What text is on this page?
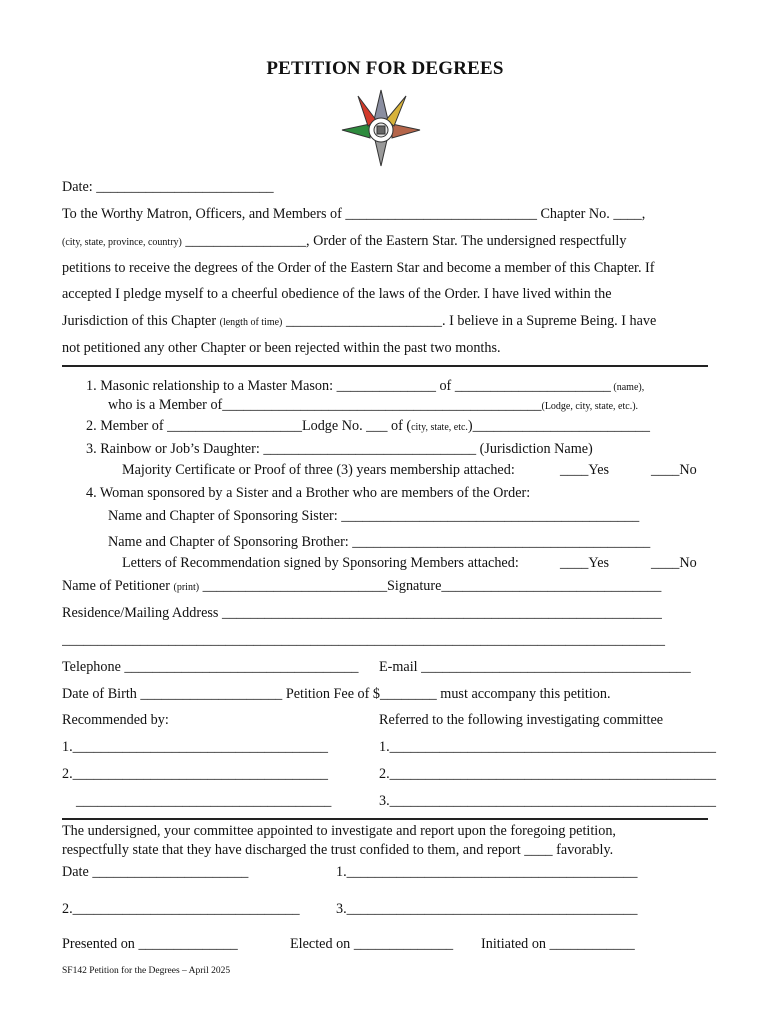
PETITION FOR DEGREES
Date: _________________________
To the Worthy Matron, Officers, and Members of ___________________________ Chapter No. ____,
(city, state, province, country) _________________, Order of the Eastern Star. The undersigned respectfully
petitions to receive the degrees of the Order of the Eastern Star and become a member of this Chapter. If
accepted I pledge myself to a cheerful obedience of the laws of the Order. I have lived within the
Jurisdiction of this Chapter (length of time) ______________________. I believe in a Supreme Being. I have
not petitioned any other Chapter or been rejected within the past two months.
1. Masonic relationship to a Master Mason: ______________ of ______________________ (name),
who is a Member of_____________________________________________(Lodge, city, state, etc.).
2. Member of ___________________Lodge No. ___ of (city, state, etc.)_________________________
3. Rainbow or Job’s Daughter: ______________________________ (Jurisdiction Name)
Majority Certificate or Proof of three (3) years membership attached:	____Yes	____No
4. Woman sponsored by a Sister and a Brother who are members of the Order:
Name and Chapter of Sponsoring Sister: __________________________________________
Name and Chapter of Sponsoring Brother: __________________________________________
Letters of Recommendation signed by Sponsoring Members attached:	____Yes	____No
Name of Petitioner (print) __________________________Signature_______________________________
Residence/Mailing Address ______________________________________________________________
_____________________________________________________________________________________
Telephone _________________________________ E-mail ______________________________________
Date of Birth ____________________ Petition Fee of $________ must accompany this petition.
Recommended by:	Referred to the following investigating committee
1.____________________________________	1.______________________________________________
2.____________________________________	2.______________________________________________
____________________________________	3.______________________________________________
The undersigned, your committee appointed to investigate and report upon the foregoing petition,
respectfully state that they have discharged the trust confided to them, and report ____ favorably.
Date ______________________	1._________________________________________
2.________________________________	3._________________________________________
Presented on ______________	Elected on ______________ Initiated on ____________
SF142 Petition for the Degrees – April 2025
